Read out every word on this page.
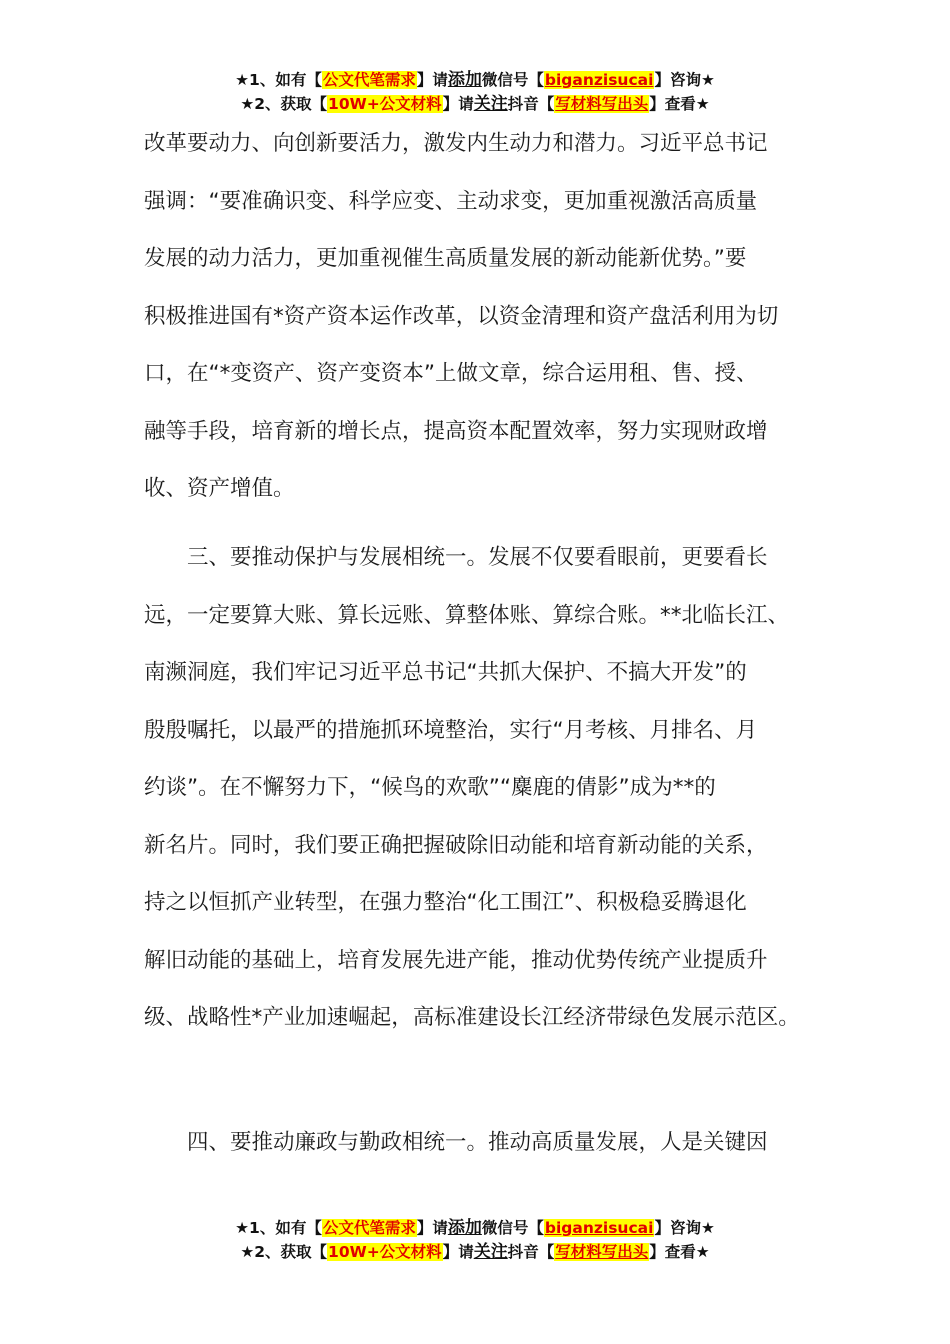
★1、如有【公文代笔需求】请添加微信号【biganzisucai】咨询★
★2、获取【10W+公文材料】请关注抖音【写材料写出头】查看★
改革要动力、向创新要活力，激发内生动力和潜力。习近平总书记
强调：“要准确识变、科学应变、主动求变，更加重视激活高质量
发展的动力活力，更加重视催生高质量发展的新动能新优势。”要
积极推进国有*资产资本运作改革，以资金清理和资产盘活利用为切
口，在“*变资产、资产变资本”上做文章，综合运用租、售、授、
融等手段，培育新的增长点，提高资本配置效率，努力实现财政增
收、资产增值。
　　三、要推动保护与发展相统一。发展不仅要看眼前，更要看长
远，一定要算大账、算长远账、算整体账、算综合账。**北临长江、
南濒洞庭，我们牢记习近平总书记“共抓大保护、不搞大开发”的
殷殷嘱托，以最严的措施抓环境整治，实行“月考核、月排名、月
约谈”。在不懈努力下，“候鸟的欢歌”“麋鹿的倩影”成为**的
新名片。同时，我们要正确把握破除旧动能和培育新动能的关系，
持之以恒抓产业转型，在强力整治“化工围江”、积极稳妥腾退化
解旧动能的基础上，培育发展先进产能，推动优势传统产业提质升
级、战略性*产业加速崛起，高标准建设长江经济带绿色发展示范区。
　　四、要推动廉政与勤政相统一。推动高质量发展，人是关键因
★1、如有【公文代笔需求】请添加微信号【biganzisucai】咨询★
★2、获取【10W+公文材料】请关注抖音【写材料写出头】查看★
